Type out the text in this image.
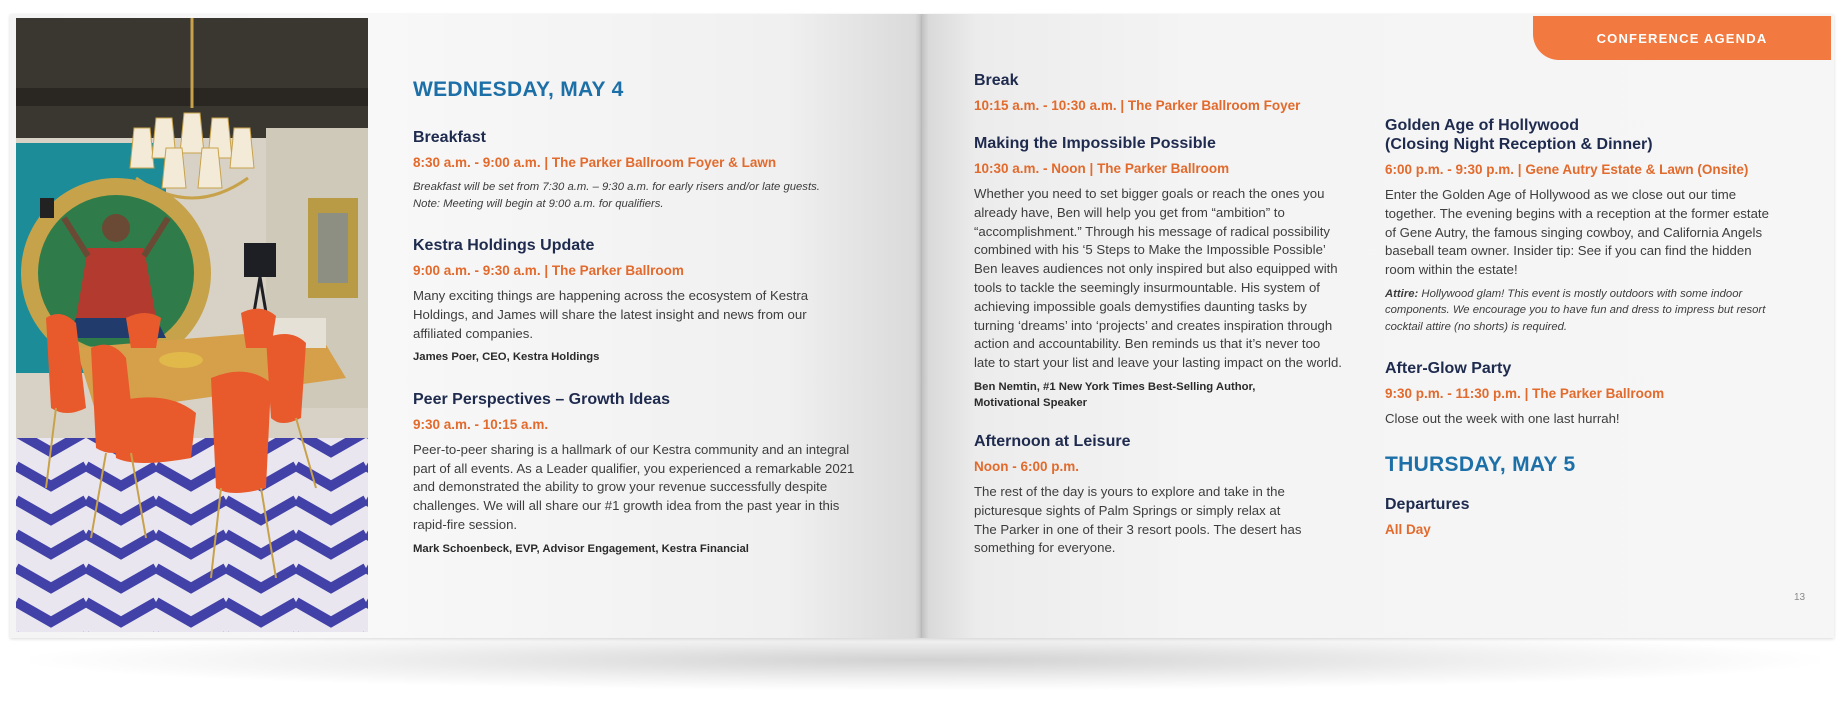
WEDNESDAY, MAY 4

Breakfast

8:30 a.m. - 9:00 a.m. | The Parker Ballroom Foyer & Lawn

Breakfast will be set from 7:30 a.m. – 9:30 a.m. for early risers and/or late guests.
Note: Meeting will begin at 9:00 a.m. for qualifiers.

Kestra Holdings Update

9:00 a.m. - 9:30 a.m. | The Parker Ballroom

Many exciting things are happening across the ecosystem of Kestra Holdings, and James will share the latest insight and news from our affiliated companies.

James Poer, CEO, Kestra Holdings

Peer Perspectives – Growth Ideas

9:30 a.m. - 10:15 a.m.

Peer-to-peer sharing is a hallmark of our Kestra community and an integral part of all events. As a Leader qualifier, you experienced a remarkable 2021 and demonstrated the ability to grow your revenue successfully despite challenges. We will all share our #1 growth idea from the past year in this rapid-fire session.

Mark Schoenbeck, EVP, Advisor Engagement, Kestra Financial

CONFERENCE AGENDA

Break

10:15 a.m. - 10:30 a.m. | The Parker Ballroom Foyer

Making the Impossible Possible

10:30 a.m. - Noon | The Parker Ballroom

Whether you need to set bigger goals or reach the ones you already have, Ben will help you get from “ambition” to “accomplishment.” Through his message of radical possibility combined with his ‘5 Steps to Make the Impossible Possible’ Ben leaves audiences not only inspired but also equipped with tools to tackle the seemingly insurmountable. His system of achieving impossible goals demystifies daunting tasks by turning ‘dreams’ into ‘projects’ and creates inspiration through action and accountability. Ben reminds us that it’s never too late to start your list and leave your lasting impact on the world.

Ben Nemtin, #1 New York Times Best-Selling Author,
Motivational Speaker

Afternoon at Leisure

Noon - 6:00 p.m.

The rest of the day is yours to explore and take in the picturesque sights of Palm Springs or simply relax at The Parker in one of their 3 resort pools. The desert has something for everyone.

Golden Age of Hollywood
(Closing Night Reception & Dinner)

6:00 p.m. - 9:30 p.m. | Gene Autry Estate & Lawn (Onsite)

Enter the Golden Age of Hollywood as we close out our time together. The evening begins with a reception at the former estate of Gene Autry, the famous singing cowboy, and California Angels baseball team owner. Insider tip: See if you can find the hidden room within the estate!

Attire: Hollywood glam! This event is mostly outdoors with some indoor components. We encourage you to have fun and dress to impress but resort cocktail attire (no shorts) is required.

After-Glow Party

9:30 p.m. - 11:30 p.m. | The Parker Ballroom

Close out the week with one last hurrah!

THURSDAY, MAY 5

Departures

All Day

13
